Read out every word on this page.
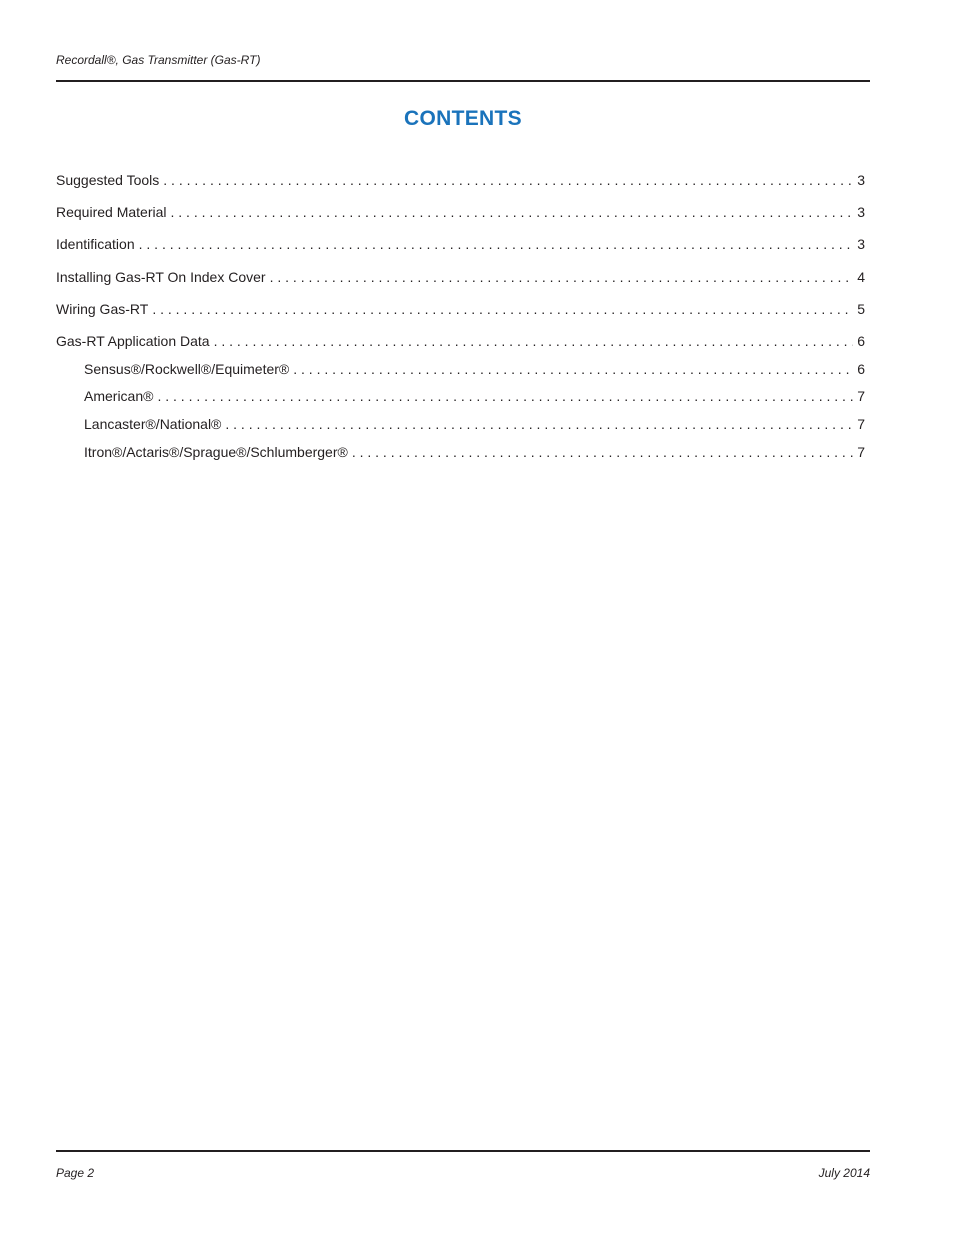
Recordall®, Gas Transmitter (Gas-RT)
CONTENTS
Suggested Tools . . .	3
Required Material . . .	3
Identification . . .	3
Installing Gas-RT On Index Cover . . .	4
Wiring Gas-RT . . .	5
Gas-RT Application Data . . .	6
Sensus®/Rockwell®/Equimeter® . . .	6
American® . . .	7
Lancaster®/National® . . .	7
Itron®/Actaris®/Sprague®/Schlumberger® . . .	7
Page 2	July 2014
